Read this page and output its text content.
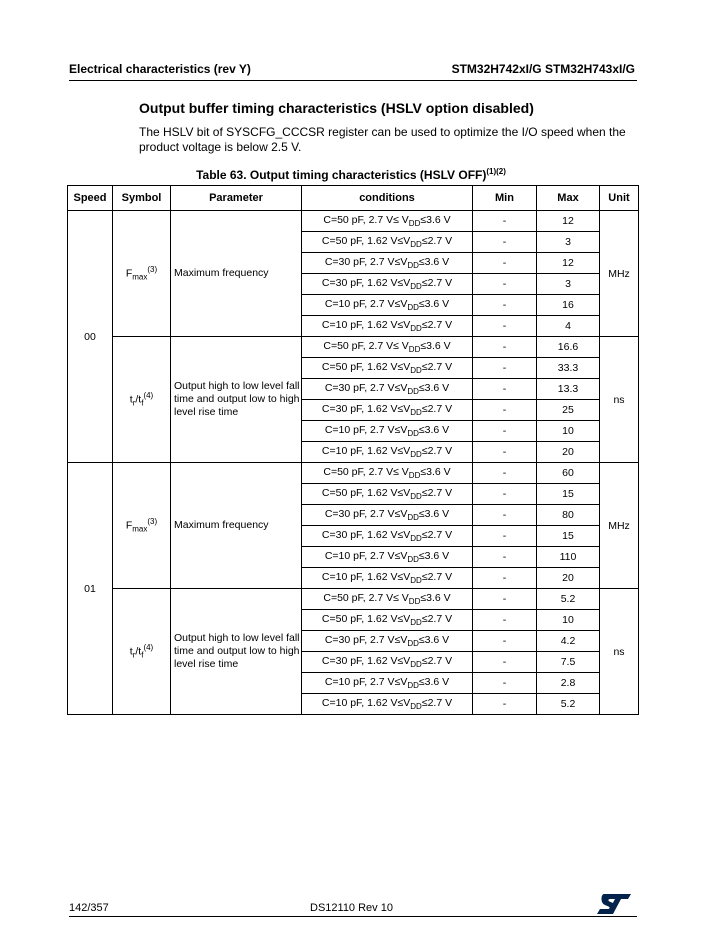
Electrical characteristics (rev Y)	STM32H742xI/G STM32H743xI/G
Output buffer timing characteristics (HSLV option disabled)
The HSLV bit of SYSCFG_CCCSR register can be used to optimize the I/O speed when the product voltage is below 2.5 V.
Table 63. Output timing characteristics (HSLV OFF)$^{(1)(2)}$
Speed	Symbol	Parameter	conditions	Min	Max	Unit
00	$F_{max}^{(3)}$	Maximum frequency	C=50 pF, 2.7 $V\le V_{DD}\le 3.6$ V	-	12	MHz
			C=50 pF, 1.62 $V\le V_{DD}\le 2.7$ V	-	3	
			C=30 pF, 2.7 $V\le V_{DD}\le 3.6$ V	-	12	
			C=30 pF, 1.62 $V\le V_{DD}\le 2.7$ V	-	3	
			C=10 pF, 2.7 $V\le V_{DD}\le 3.6$ V	-	16	
			C=10 pF, 1.62 $V\le V_{DD}\le 2.7$ V	-	4	
	$t_r/t_f^{(4)}$	Output high to low level fall time and output low to high level rise time	C=50 pF, 2.7 $V\le V_{DD}\le 3.6$ V	-	16.6	ns
			C=50 pF, 1.62 $V\le V_{DD}\le 2.7$ V	-	33.3	
			C=30 pF, 2.7 $V\le V_{DD}\le 3.6$ V	-	13.3	
			C=30 pF, 1.62 $V\le V_{DD}\le 2.7$ V	-	25	
			C=10 pF, 2.7 $V\le V_{DD}\le 3.6$ V	-	10	
			C=10 pF, 1.62 $V\le V_{DD}\le 2.7$ V	-	20	
01	$F_{max}^{(3)}$	Maximum frequency	C=50 pF, 2.7 $V\le V_{DD}\le 3.6$ V	-	60	MHz
			C=50 pF, 1.62 $V\le V_{DD}\le 2.7$ V	-	15	
			C=30 pF, 2.7 $V\le V_{DD}\le 3.6$ V	-	80	
			C=30 pF, 1.62 $V\le V_{DD}\le 2.7$ V	-	15	
			C=10 pF, 2.7 $V\le V_{DD}\le 3.6$ V	-	110	
			C=10 pF, 1.62 $V\le V_{DD}\le 2.7$ V	-	20	
	$t_r/t_f^{(4)}$	Output high to low level fall time and output low to high level rise time	C=50 pF, 2.7 $V\le V_{DD}\le 3.6$ V	-	5.2	ns
			C=50 pF, 1.62 $V\le V_{DD}\le 2.7$ V	-	10	
			C=30 pF, 2.7 $V\le V_{DD}\le 3.6$ V	-	4.2	
			C=30 pF, 1.62 $V\le V_{DD}\le 2.7$ V	-	7.5	
			C=10 pF, 2.7 $V\le V_{DD}\le 3.6$ V	-	2.8	
			C=10 pF, 1.62 $V\le V_{DD}\le 2.7$ V	-	5.2	
142/357	DS12110 Rev 10
